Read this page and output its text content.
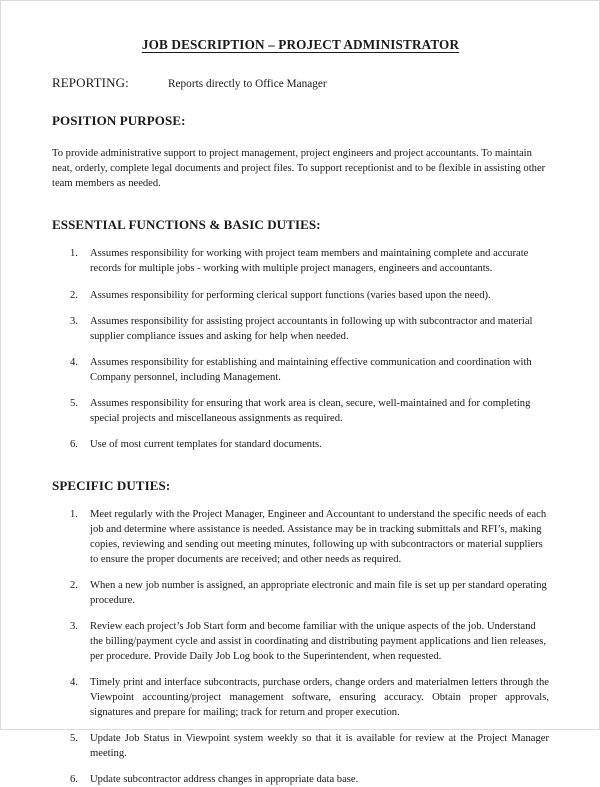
JOB DESCRIPTION – PROJECT ADMINISTRATOR
REPORTING:	Reports directly to Office Manager
POSITION PURPOSE:

To provide administrative support to project management, project engineers and project accountants. To maintain neat, orderly, complete legal documents and project files. To support receptionist and to be flexible in assisting other team members as needed.

ESSENTIAL FUNCTIONS & BASIC DUTIES:
1.	Assumes responsibility for working with project team members and maintaining complete and accurate records for multiple jobs - working with multiple project managers, engineers and accountants.
2.	Assumes responsibility for performing clerical support functions (varies based upon the need).
3.	Assumes responsibility for assisting project accountants in following up with subcontractor and material supplier compliance issues and asking for help when needed.
4.	Assumes responsibility for establishing and maintaining effective communication and coordination with Company personnel, including Management.
5.	Assumes responsibility for ensuring that work area is clean, secure, well-maintained and for completing special projects and miscellaneous assignments as required.
6.	Use of most current templates for standard documents.
SPECIFIC DUTIES:
1.	Meet regularly with the Project Manager, Engineer and Accountant to understand the specific needs of each job and determine where assistance is needed. Assistance may be in tracking submittals and RFI’s, making copies, reviewing and sending out meeting minutes, following up with subcontractors or material suppliers to ensure the proper documents are received; and other needs as required.
2.	When a new job number is assigned, an appropriate electronic and main file is set up per standard operating procedure.
3.	Review each project’s Job Start form and become familiar with the unique aspects of the job. Understand the billing/payment cycle and assist in coordinating and distributing payment applications and lien releases, per procedure. Provide Daily Job Log book to the Superintendent, when requested.
4.	Timely print and interface subcontracts, purchase orders, change orders and materialmen letters through the Viewpoint accounting/project management software, ensuring accuracy. Obtain proper approvals, signatures and prepare for mailing; track for return and proper execution.
5.	Update Job Status in Viewpoint system weekly so that it is available for review at the Project Manager meeting.
6.	Update subcontractor address changes in appropriate data base.
